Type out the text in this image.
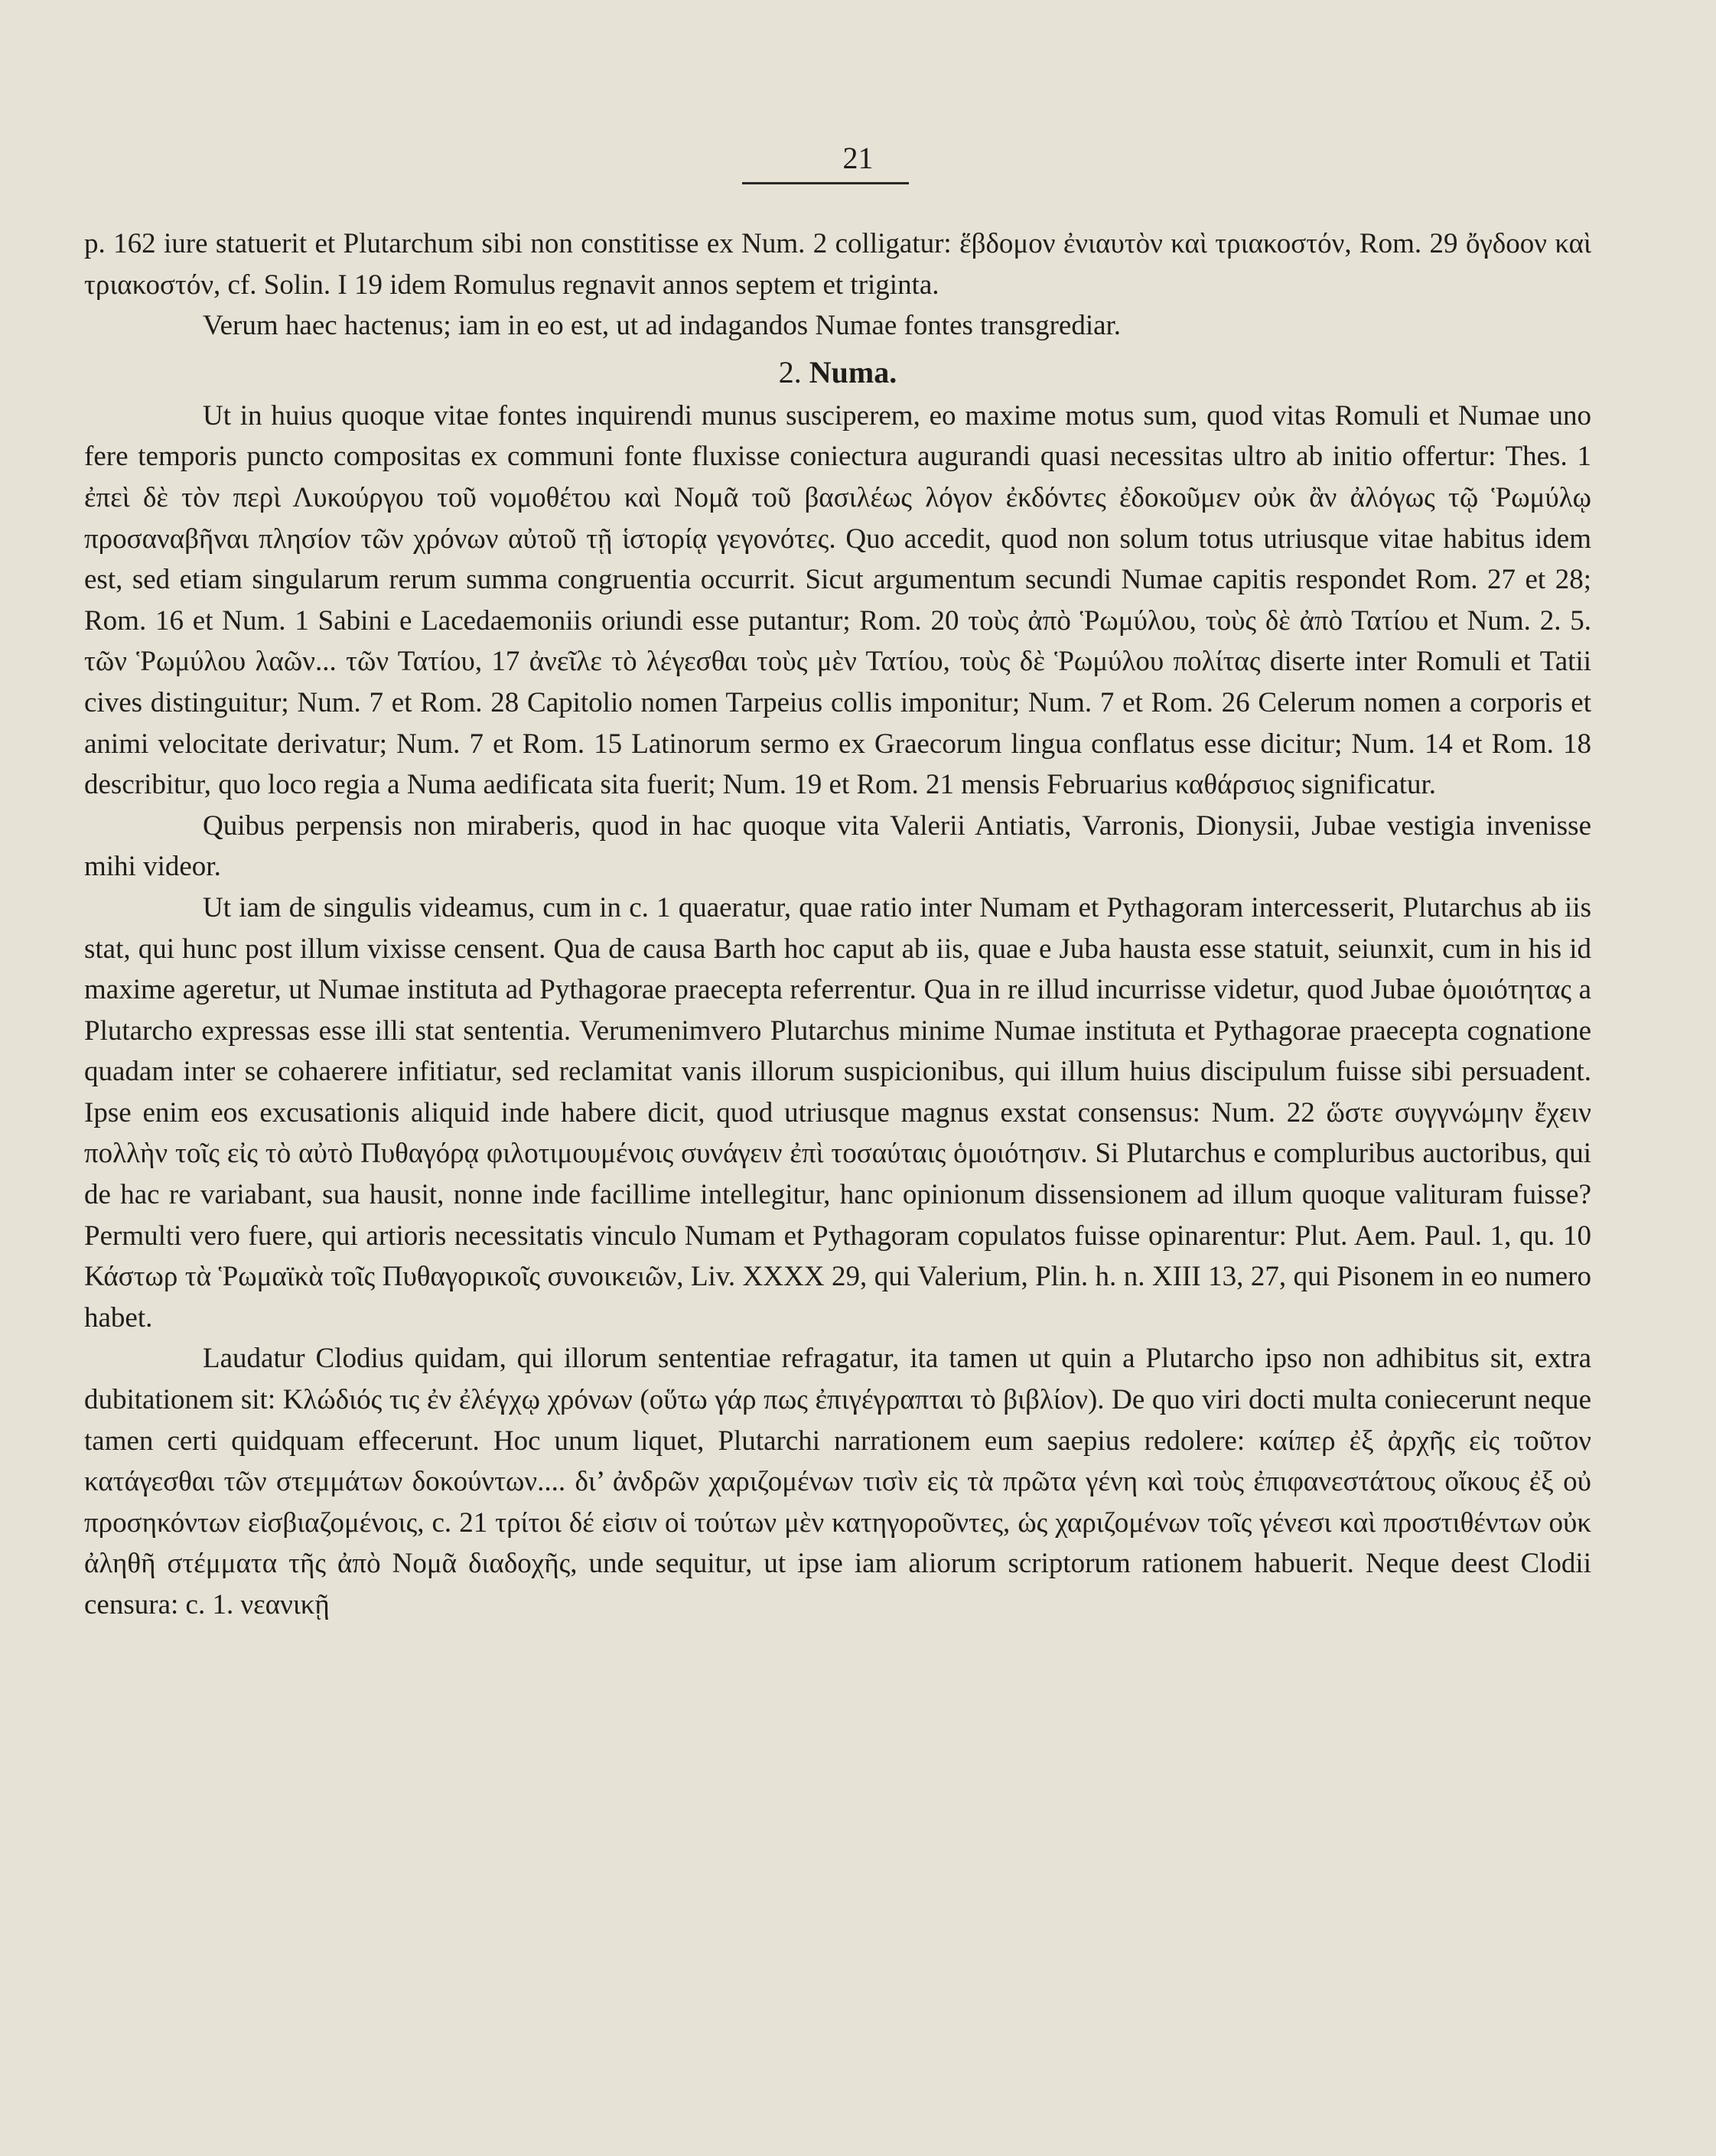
21

p. 162 iure statuerit et Plutarchum sibi non constitisse ex Num. 2 colligatur: ἕβδομον ἐνιαυτὸν καὶ τριακοστόν, Rom. 29 ὄγδοον καὶ τριακοστόν, cf. Solin. I 19 idem Romulus regnavit annos septem et triginta.

Verum haec hactenus; iam in eo est, ut ad indagandos Numae fontes transgrediar.

2. Numa.

Ut in huius quoque vitae fontes inquirendi munus susciperem, eo maxime motus sum, quod vitas Romuli et Numae uno fere temporis puncto compositas ex communi fonte fluxisse coniectura augurandi quasi necessitas ultro ab initio offertur: Thes. 1 ἐπεὶ δὲ τὸν περὶ Λυκούργου τοῦ νομοθέτου καὶ Νομᾶ τοῦ βασιλέως λόγον ἐκδόντες ἐδοκοῦμεν οὐκ ἂν ἀλόγως τῷ Ῥωμύλῳ προσαναβῆναι πλησίον τῶν χρόνων αὐτοῦ τῇ ἱστορίᾳ γεγονότες. Quo accedit, quod non solum totus utriusque vitae habitus idem est, sed etiam singularum rerum summa congruentia occurrit. Sicut argumentum secundi Numae capitis respondet Rom. 27 et 28; Rom. 16 et Num. 1 Sabini e Lacedaemoniis oriundi esse putantur; Rom. 20 τοὺς ἀπὸ Ῥωμύλου, τοὺς δὲ ἀπὸ Τατίου et Num. 2. 5. τῶν Ῥωμύλου λαῶν... τῶν Τατίου, 17 ἀνεῖλε τὸ λέγεσθαι τοὺς μὲν Τατίου, τοὺς δὲ Ῥωμύλου πολίτας diserte inter Romuli et Tatii cives distinguitur; Num. 7 et Rom. 28 Capitolio nomen Tarpeius collis imponitur; Num. 7 et Rom. 26 Celerum nomen a corporis et animi velocitate derivatur; Num. 7 et Rom. 15 Latinorum sermo ex Graecorum lingua conflatus esse dicitur; Num. 14 et Rom. 18 describitur, quo loco regia a Numa aedificata sita fuerit; Num. 19 et Rom. 21 mensis Februarius καθάρσιος significatur.

Quibus perpensis non miraberis, quod in hac quoque vita Valerii Antiatis, Varronis, Dionysii, Jubae vestigia invenisse mihi videor.

Ut iam de singulis videamus, cum in c. 1 quaeratur, quae ratio inter Numam et Pythagoram intercesserit, Plutarchus ab iis stat, qui hunc post illum vixisse censent. Qua de causa Barth hoc caput ab iis, quae e Juba hausta esse statuit, seiunxit, cum in his id maxime ageretur, ut Numae instituta ad Pythagorae praecepta referrentur. Qua in re illud incurrisse videtur, quod Jubae ὁμοιότητας a Plutarcho expressas esse illi stat sententia. Verumenimvero Plutarchus minime Numae instituta et Pythagorae praecepta cognatione quadam inter se cohaerere infitiatur, sed reclamitat vanis illorum suspicionibus, qui illum huius discipulum fuisse sibi persuadent. Ipse enim eos excusationis aliquid inde habere dicit, quod utriusque magnus exstat consensus: Num. 22 ὥστε συγγνώμην ἔχειν πολλὴν τοῖς εἰς τὸ αὐτὸ Πυθαγόρᾳ φιλοτιμουμένοις συνάγειν ἐπὶ τοσαύταις ὁμοιότησιν. Si Plutarchus e compluribus auctoribus, qui de hac re variabant, sua hausit, nonne inde facillime intellegitur, hanc opinionum dissensionem ad illum quoque valituram fuisse? Permulti vero fuere, qui artioris necessitatis vinculo Numam et Pythagoram copulatos fuisse opinarentur: Plut. Aem. Paul. 1, qu. 10 Κάστωρ τὰ Ῥωμαϊκὰ τοῖς Πυθαγορικοῖς συνοικειῶν, Liv. XXXX 29, qui Valerium, Plin. h. n. XIII 13, 27, qui Pisonem in eo numero habet.

Laudatur Clodius quidam, qui illorum sententiae refragatur, ita tamen ut quin a Plutarcho ipso non adhibitus sit, extra dubitationem sit: Κλώδιός τις ἐν ἐλέγχῳ χρόνων (οὕτω γάρ πως ἐπιγέγραπται τὸ βιβλίον). De quo viri docti multa coniecerunt neque tamen certi quidquam effecerunt. Hoc unum liquet, Plutarchi narrationem eum saepius redolere: καίπερ ἐξ ἀρχῆς εἰς τοῦτον κατάγεσθαι τῶν στεμμάτων δοκούντων.... δι’ ἀνδρῶν χαριζομένων τισὶν εἰς τὰ πρῶτα γένη καὶ τοὺς ἐπιφανεστάτους οἴκους ἐξ οὐ προσηκόντων εἰσβιαζομένοις, c. 21 τρίτοι δέ εἰσιν οἱ τούτων μὲν κατηγοροῦντες, ὡς χαριζομένων τοῖς γένεσι καὶ προστιθέντων οὐκ ἀληθῆ στέμματα τῆς ἀπὸ Νομᾶ διαδοχῆς, unde sequitur, ut ipse iam aliorum scriptorum rationem habuerit. Neque deest Clodii censura: c. 1. νεανικῇ
